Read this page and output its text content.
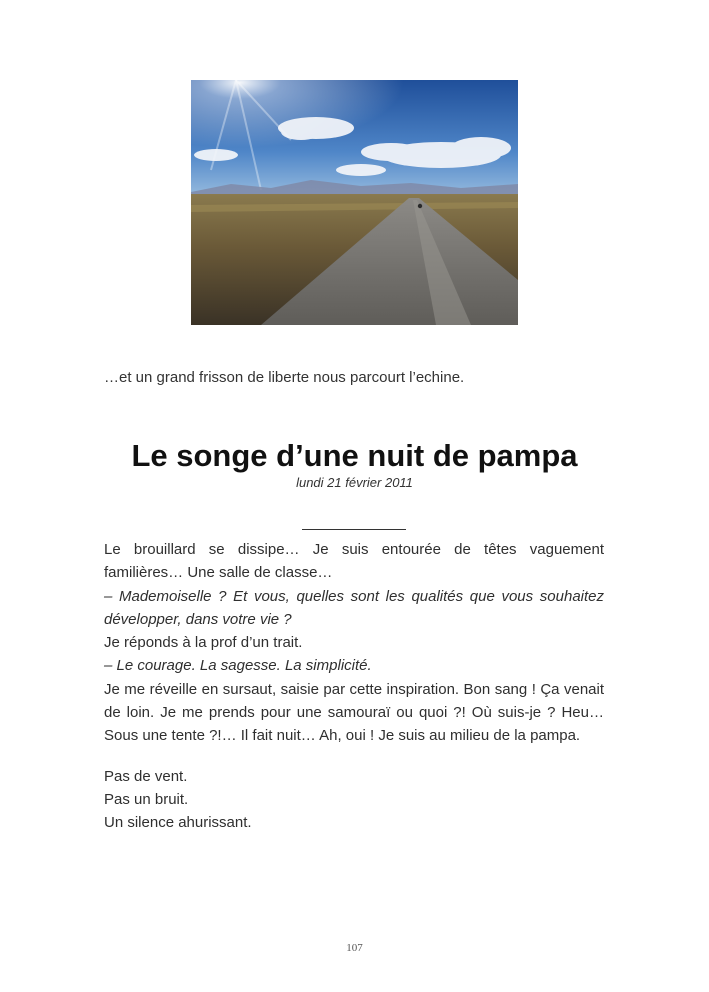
…et un grand frisson de liberte nous parcourt l’echine.
Le songe d’une nuit de pampa
lundi 21 février 2011

Le brouillard se dissipe… Je suis entourée de têtes vaguement familières… Une salle de classe…

– Mademoiselle ? Et vous, quelles sont les qualités que vous souhaitez développer, dans votre vie ?

Je réponds à la prof d’un trait.

– Le courage. La sagesse. La simplicité.

Je me réveille en sursaut, saisie par cette inspiration. Bon sang ! Ça venait de loin. Je me prends pour une samouraï ou quoi ?! Où suis-je ? Heu… Sous une tente ?!… Il fait nuit… Ah, oui ! Je suis au milieu de la pampa.

Pas de vent.

Pas un bruit.

Un silence ahurissant.

107
